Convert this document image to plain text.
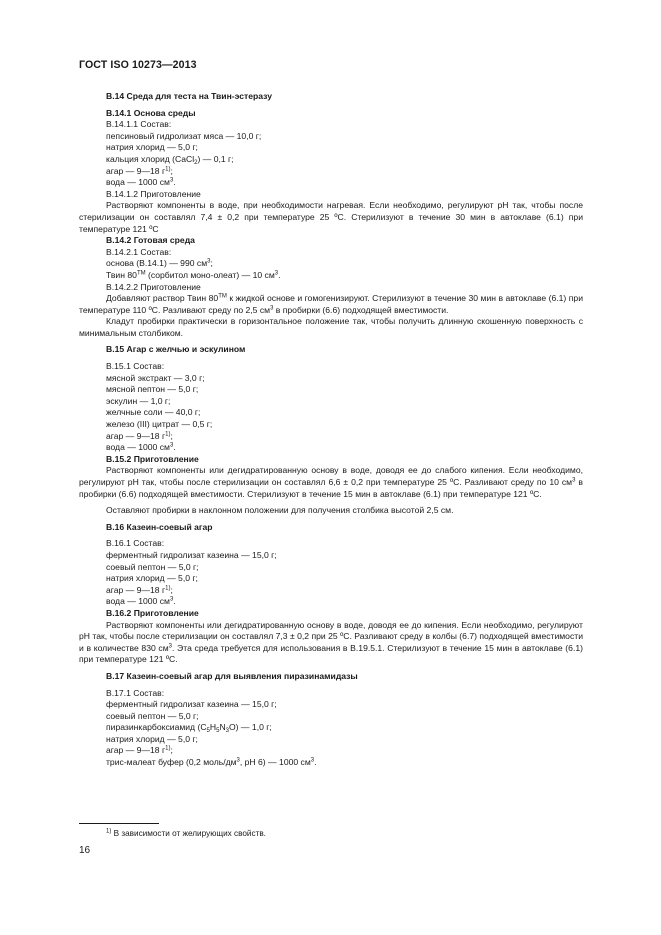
ГОСТ ISO 10273—2013

B.14 Среда для теста на Твин-эстеразу

B.14.1 Основа среды

B.14.1.1 Состав:

пепсиновый гидролизат мяса — 10,0 г;

натрия хлорид — 5,0 г;

кальция хлорид (CaCl$_2$) — 0,1 г;

агар — 9—18 $г^{1)}$;

вода — 1000 $см^3$.

B.14.1.2 Приготовление

Растворяют компоненты в воде, при необходимости нагревая. Если необходимо, регулируют pH так, чтобы после стерилизации он составлял 7,4 ± 0,2 при температуре 25 ºС. Стерилизуют в течение 30 мин в автоклаве (6.1) при температуре 121 ºС

B.14.2 Готовая среда

B.14.2.1 Состав:

основа (B.14.1) — 990 $см^3$;

Твин $80^{ТМ}$ (сорбитол моно-олеат) — 10 $см^3$.

B.14.2.2 Приготовление

Добавляют раствор Твин $80^{ТМ}$ к жидкой основе и гомогенизируют. Стерилизуют в течение 30 мин в автоклаве (6.1) при температуре 110 ºС. Разливают среду по 2,5 $см^3$ в пробирки (6.6) подходящей вместимости.

Кладут пробирки практически в горизонтальное положение так, чтобы получить длинную скошенную поверхность с минимальным столбиком.

B.15 Агар с желчью и эскулином

B.15.1 Состав:

мясной экстракт — 3,0 г;

мясной пептон — 5,0 г;

эскулин — 1,0 г;

желчные соли — 40,0 г;

железо (III) цитрат — 0,5 г;

агар — 9—18 $г^{1)}$;

вода — 1000 $см^3$.

B.15.2 Приготовление

Растворяют компоненты или дегидратированную основу в воде, доводя ее до слабого кипения. Если необходимо, регулируют pH так, чтобы после стерилизации он составлял 6,6 ± 0,2 при температуре 25 ºС. Разливают среду по 10 $см^3$ в пробирки (6.6) подходящей вместимости. Стерилизуют в течение 15 мин в автоклаве (6.1) при температуре 121 ºС.

Оставляют пробирки в наклонном положении для получения столбика высотой 2,5 см.

B.16 Казеин-соевый агар

B.16.1 Состав:

ферментный гидролизат казеина — 15,0 г;

соевый пептон — 5,0 г;

натрия хлорид — 5,0 г;

агар — 9—18 $г^{1)}$;

вода — 1000 $см^3$.

B.16.2 Приготовление

Растворяют компоненты или дегидратированную основу в воде, доводя ее до кипения. Если необходимо, регулируют pH так, чтобы после стерилизации он составлял 7,3 ± 0,2 при 25 ºС. Разливают среду в колбы (6.7) подходящей вместимости и в количестве 830 $см^3$. Эта среда требуется для использования в B.19.5.1. Стерилизуют в течение 15 мин в автоклаве (6.1) при температуре 121 ºС.

B.17 Казеин-соевый агар для выявления пиразинамидазы

B.17.1 Состав:

ферментный гидролизат казеина — 15,0 г;

соевый пептон — 5,0 г;

пиразинкарбоксиамид $(C_5H_5N_3O)$ — 1,0 г;

натрия хлорид — 5,0 г;

агар — 9—18 $г^{1)}$;

трис-малеат буфер (0,2 моль/$дм^3$, pH 6) — 1000 $см^3$.

$^{1)}$ В зависимости от желирующих свойств.
16
